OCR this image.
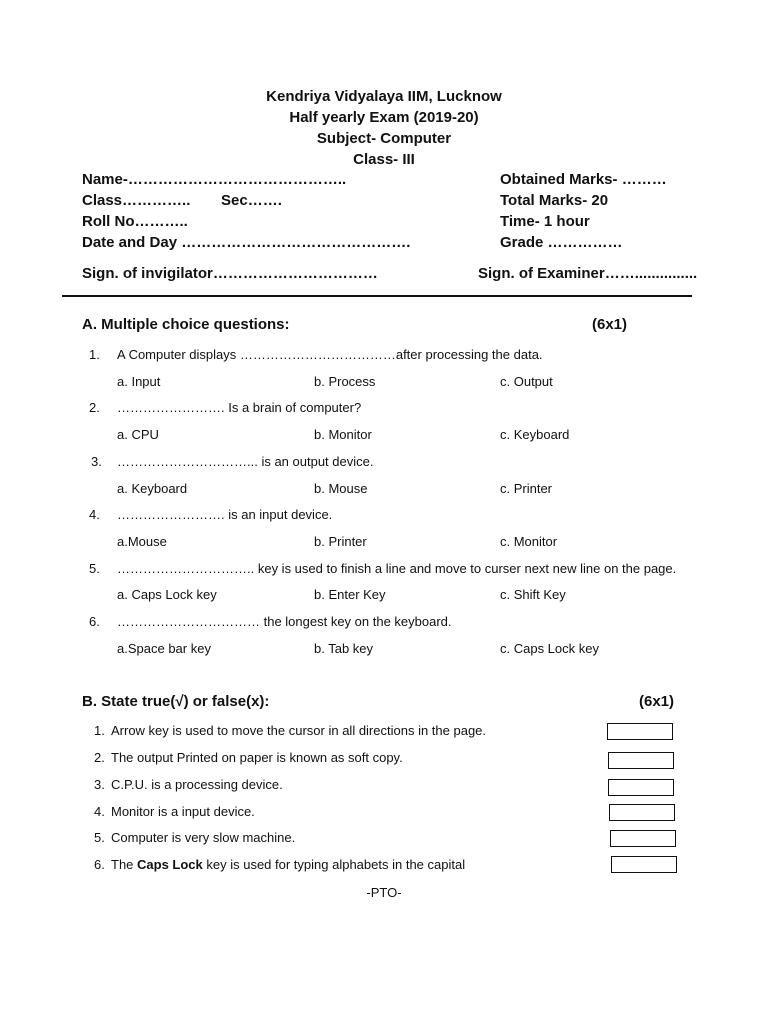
Kendriya Vidyalaya IIM, Lucknow
Half yearly Exam (2019-20)
Subject- Computer
Class- III
Name-……………………………………..	Obtained Marks- ………
Class………….. Sec…….	Total Marks- 20
Roll No………..	Time- 1 hour
Date and Day ……………………………………….	Grade ……………
Sign. of invigilator……………………………	Sign. of Examiner……...............
A. Multiple choice questions:	(6x1)
1. A Computer displays ………………………………after processing the data.
a. Input	b. Process	c. Output
2. ……………………. Is a brain of computer?
a. CPU	b. Monitor	c. Keyboard
3. …………………………... is an output device.
a. Keyboard	b. Mouse	c. Printer
4. ……………………. is an input device.
a.Mouse	b. Printer	c. Monitor
5. ………………………….. key is used to finish a line and move to curser next new line on the page.
a. Caps Lock key	b. Enter Key	c. Shift Key
6. …………………………… the longest key on the keyboard.
a.Space bar key	b. Tab key	c. Caps Lock key
B. State true(√) or false(x):	(6x1)
1. Arrow key is used to move the cursor in all directions in the page.
2. The output Printed on paper is known as soft copy.
3. C.P.U. is a processing device.
4. Monitor is a input device.
5. Computer is very slow machine.
6. The Caps Lock key is used for typing alphabets in the capital
-PTO-
